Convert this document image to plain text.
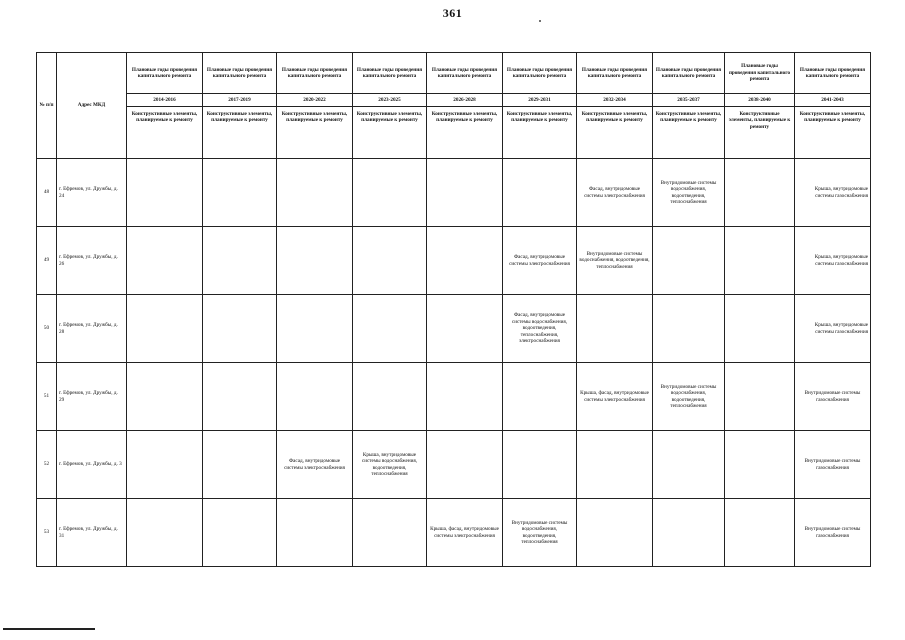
361
№ п/п	Адрес МКД	Плановые годы проведения капитального ремонта	Плановые годы проведения капитального ремонта	Плановые годы проведения капитального ремонта	Плановые годы проведения капитального ремонта	Плановые годы проведения капитального ремонта	Плановые годы проведения капитального ремонта	Плановые годы проведения капитального ремонта	Плановые годы проведения капитального ремонта	Плановые годы проведения капитального ремонта	Плановые годы проведения капитального ремонта
		2014-2016	2017-2019	2020-2022	2023-2025	2026-2028	2029-2031	2032-2034	2035-2037	2038-2040	2041-2043
		Конструктивные элементы, планируемые к ремонту	Конструктивные элементы, планируемые к ремонту	Конструктивные элементы, планируемые к ремонту	Конструктивные элементы, планируемые к ремонту	Конструктивные элементы, планируемые к ремонту	Конструктивные элементы, планируемые к ремонту	Конструктивные элементы, планируемые к ремонту	Конструктивные элементы, планируемые к ремонту	Конструктивные элементы, планируемые к ремонту	Конструктивные элементы, планируемые к ремонту
48	г. Ефремов, ул. Дружбы, д. 24							Фасад, внутридомовые системы электроснабжения	Внутридомовые системы водоснабжения, водоотведения, теплоснабжения		Крыша, внутридомовые системы газоснабжения
49	г. Ефремов, ул. Дружбы, д. 26						Фасад, внутридомовые системы электроснабжения	Внутридомовые системы водоснабжения, водоотведения, теплоснабжения			Крыша, внутридомовые системы газоснабжения
50	г. Ефремов, ул. Дружбы, д. 28						Фасад, внутридомовые системы водоснабжения, водоотведения, теплоснабжения, электроснабжения				Крыша, внутридомовые системы газоснабжения
51	г. Ефремов, ул. Дружбы, д. 29							Крыша, фасад, внутридомовые системы электроснабжения	Внутридомовые системы водоснабжения, водоотведения, теплоснабжения		Внутридомовые системы газоснабжения
52	г. Ефремов, ул. Дружбы, д. 3			Фасад, внутридомовые системы электроснабжения	Крыша, внутридомовые системы водоснабжения, водоотведения, теплоснабжения						Внутридомовые системы газоснабжения
53	г. Ефремов, ул. Дружбы, д. 31					Крыша, фасад, внутридомовые системы электроснабжения	Внутридомовые системы водоснабжения, водоотведения, теплоснабжения				Внутридомовые системы газоснабжения
